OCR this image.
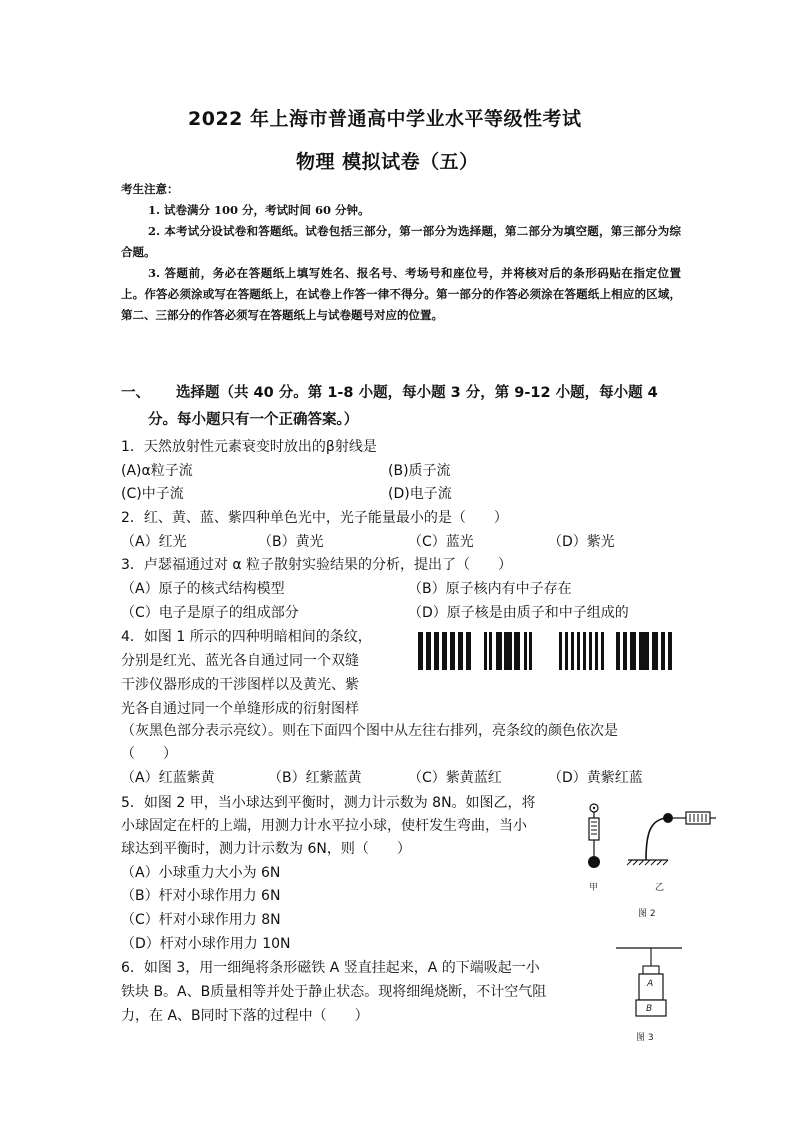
2022 年上海市普通高中学业水平等级性考试
物理 模拟试卷（五）
考生注意：
1. 试卷满分 100 分，考试时间 60 分钟。
2. 本考试分设试卷和答题纸。试卷包括三部分，第一部分为选择题，第二部分为填空题，第三部分为综合题。
3. 答题前，务必在答题纸上填写姓名、报名号、考场号和座位号，并将核对后的条形码贴在指定位置上。作答必须涂或写在答题纸上，在试卷上作答一律不得分。第一部分的作答必须涂在答题纸上相应的区域，第二、三部分的作答必须写在答题纸上与试卷题号对应的位置。
一、 选择题（共 40 分。第 1-8 小题，每小题 3 分，第 9-12 小题，每小题 4
分。每小题只有一个正确答案。）
1．天然放射性元素衰变时放出的β射线是
(A)α粒子流	(B)质子流
(C)中子流	(D)电子流
2．红、黄、蓝、紫四种单色光中，光子能量最小的是（　　）
（A）红光	（B）黄光	（C）蓝光	（D）紫光
3．卢瑟福通过对 α 粒子散射实验结果的分析，提出了（　　）
（A）原子的核式结构模型	（B）原子核内有中子存在
（C）电子是原子的组成部分	（D）原子核是由质子和中子组成的
4．如图 1 所示的四种明暗相间的条纹，
分别是红光、蓝光各自通过同一个双缝
干涉仪器形成的干涉图样以及黄光、紫
光各自通过同一个单缝形成的衍射图样
（灰黑色部分表示亮纹）。则在下面四个图中从左往右排列，亮条纹的颜色依次是
（　　）
（A）红蓝紫黄	（B）红紫蓝黄	（C）紫黄蓝红	（D）黄紫红蓝
5．如图 2 甲，当小球达到平衡时，测力计示数为 8N。如图乙，将
小球固定在杆的上端，用测力计水平拉小球，使杆发生弯曲，当小
球达到平衡时，测力计示数为 6N，则（　　）
（A）小球重力大小为 6N
（B）杆对小球作用力 6N
（C）杆对小球作用力 8N
（D）杆对小球作用力 10N
甲	乙
图 2
6．如图 3，用一细绳将条形磁铁 A 竖直挂起来，A 的下端吸起一小
铁块 B。A、B质量相等并处于静止状态。现将细绳烧断，不计空气阻
力，在 A、B同时下落的过程中（　　）
A
B
图 3
